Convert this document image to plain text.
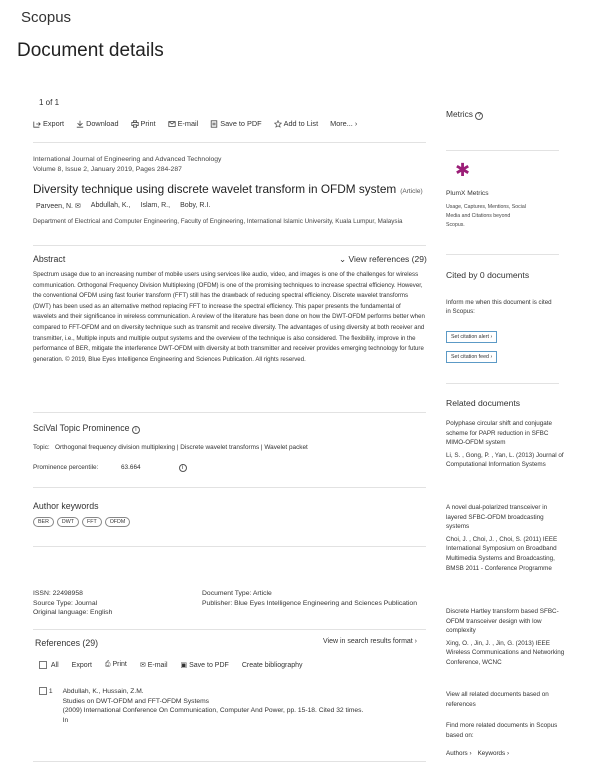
Scopus
Document details
1 of 1
Export	Download	Print	E-mail	Save to PDF	Add to List More... ›
International Journal of Engineering and Advanced Technology
Volume 8, Issue 2, January 2019, Pages 284-287
Diversity technique using discrete wavelet transform in OFDM system (Article)
Parveen, N. ✉ Abdullah, K., Islam, R., Boby, R.I.
Department of Electrical and Computer Engineering, Faculty of Engineering, International Islamic University, Kuala Lumpur, Malaysia
Abstract	⌄ View references (29)
Spectrum usage due to an increasing number of mobile users using services like audio, video, and images is one of the challenges for wireless communication. Orthogonal Frequency Division Multiplexing (OFDM) is one of the promising techniques to increase spectral efficiency. However, the conventional OFDM using fast fourier transform (FFT) still has the drawback of reducing spectral efficiency. Discrete wavelet transforms (DWT) has been used as an alternative method replacing FFT to increase the spectral efficiency. This paper presents the fundamental of wavelets and their significance in wireless communication. A review of the literature has been done on how the DWT-OFDM performs better when compared to FFT-OFDM and on diversity technique such as transmit and receive diversity. The advantages of using diversity at both receiver and transmitter, i.e., Multiple inputs and multiple output systems and the overview of the technique is also considered. The flexibility, improve in the performance of BER, mitigate the interference DWT-OFDM with diversity at both transmitter and receiver provides emerging technology for future generation. © 2019, Blue Eyes Intelligence Engineering and Sciences Publication. All rights reserved.
SciVal Topic Prominence i
Topic: Orthogonal frequency division multiplexing | Discrete wavelet transforms | Wavelet packet
Prominence percentile:	63.664	i
Author keywords
BER	DWT	FFT	OFDM
ISSN: 22498958
Source Type: Journal
Original language: English
Document Type: Article
Publisher: Blue Eyes Intelligence Engineering and Sciences Publication
References (29)	View in search results format ›
All Export ⎙ Print ✉ E-mail ▣ Save to PDF Create bibliography
1 Abdullah, K., Hussain, Z.M.
Studies on DWT-OFDM and FFT-OFDM Systems
(2009) International Conference On Communication, Computer And Power, pp. 15-18. Cited 32 times.
In
Metrics ?
✱
PlumX Metrics
Usage, Captures, Mentions, Social Media and Citations beyond Scopus.
Cited by 0 documents
Inform me when this document is cited in Scopus:
Set citation alert ›
Set citation feed ›
Related documents
Polyphase circular shift and conjugate scheme for PAPR reduction in SFBC MIMO-OFDM system
Li, S. , Gong, P. , Yan, L. (2013) Journal of Computational Information Systems
A novel dual-polarized transceiver in layered SFBC-OFDM broadcasting systems
Choi, J. , Choi, J. , Choi, S. (2011) IEEE International Symposium on Broadband Multimedia Systems and Broadcasting, BMSB 2011 - Conference Programme
Discrete Hartley transform based SFBC-OFDM transceiver design with low complexity
Xing, O. , Jin, J. , Jin, G. (2013) IEEE Wireless Communications and Networking Conference, WCNC
View all related documents based on references
Find more related documents in Scopus based on:
Authors › Keywords ›
